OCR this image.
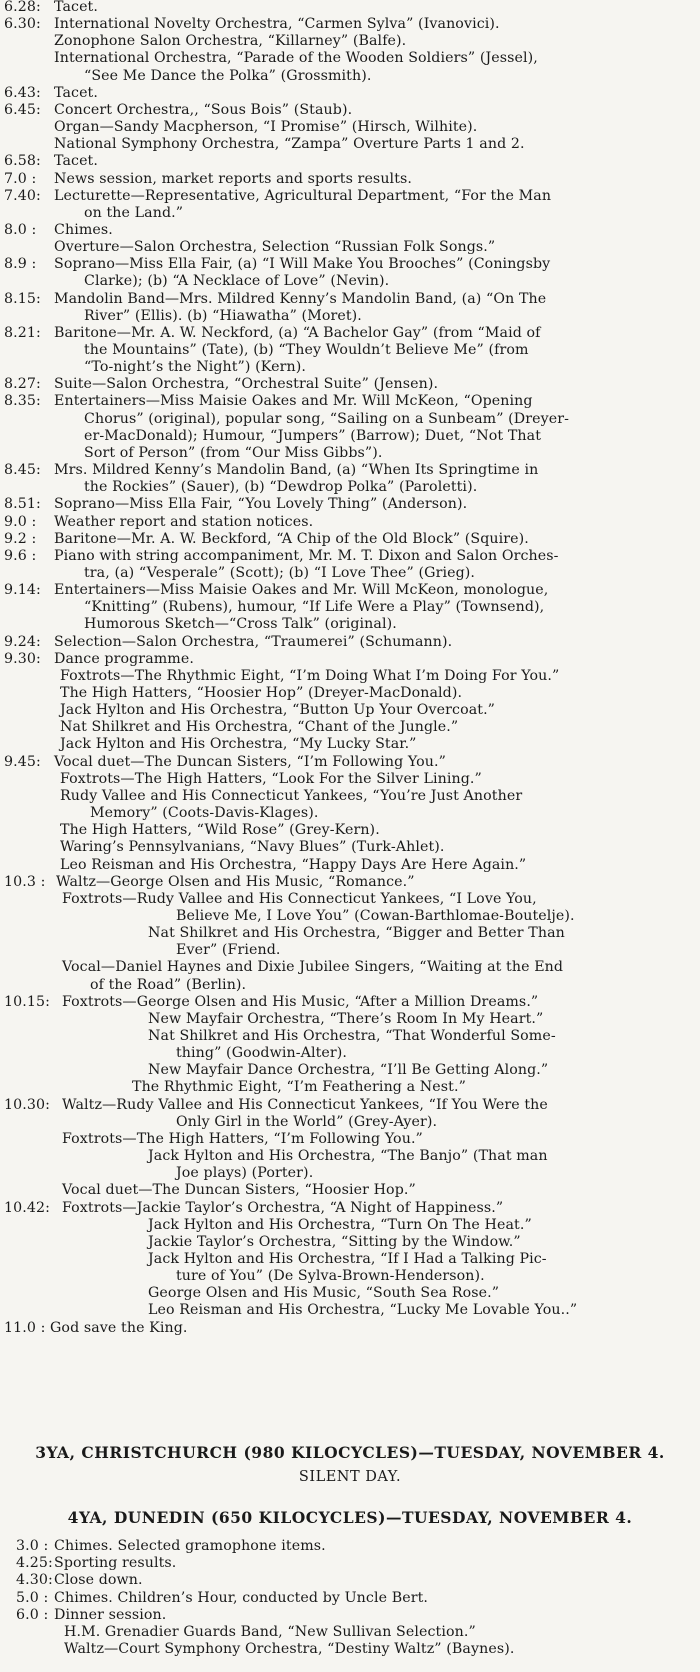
6.28: Tacet.
6.30: International Novelty Orchestra, “Carmen Sylva” (Ivanovici).
Zonophone Salon Orchestra, “Killarney” (Balfe).
International Orchestra, “Parade of the Wooden Soldiers” (Jessel),
“See Me Dance the Polka” (Grossmith).
6.43: Tacet.
6.45: Concert Orchestra,, “Sous Bois” (Staub).
Organ—Sandy Macpherson, “I Promise” (Hirsch, Wilhite).
National Symphony Orchestra, “Zampa” Overture Parts 1 and 2.
6.58: Tacet.
7.0 :	News session, market reports and sports results.
7.40: Lecturette—Representative, Agricultural Department, “For the Man
on the Land.”
8.0 :	Chimes.
Overture—Salon Orchestra, Selection “Russian Folk Songs.”
8.9 :	Soprano—Miss Ella Fair, (a) “I Will Make You Brooches” (Coningsby
Clarke); (b) “A Necklace of Love” (Nevin).
8.15: Mandolin Band—Mrs. Mildred Kenny’s Mandolin Band, (a) “On The
River” (Ellis). (b) “Hiawatha” (Moret).
8.21: Baritone—Mr. A. W. Neckford, (a) “A Bachelor Gay” (from “Maid of
the Mountains” (Tate), (b) “They Wouldn’t Believe Me” (from
“To-night’s the Night”) (Kern).
8.27: Suite—Salon Orchestra, “Orchestral Suite” (Jensen).
8.35: Entertainers—Miss Maisie Oakes and Mr. Will McKeon, “Opening
Chorus” (original), popular song, “Sailing on a Sunbeam” (Dreyer-
er-MacDonald); Humour, “Jumpers” (Barrow); Duet, “Not That
Sort of Person” (from “Our Miss Gibbs”).
8.45: Mrs. Mildred Kenny’s Mandolin Band, (a) “When Its Springtime in
the Rockies” (Sauer), (b) “Dewdrop Polka” (Paroletti).
8.51: Soprano—Miss Ella Fair, “You Lovely Thing” (Anderson).
9.0 :	Weather report and station notices.
9.2 :	Baritone—Mr. A. W. Beckford, “A Chip of the Old Block” (Squire).
9.6 :	Piano with string accompaniment, Mr. M. T. Dixon and Salon Orches-
tra, (a) “Vesperale” (Scott); (b) “I Love Thee” (Grieg).
9.14: Entertainers—Miss Maisie Oakes and Mr. Will McKeon, monologue,
“Knitting” (Rubens), humour, “If Life Were a Play” (Townsend),
Humorous Sketch—“Cross Talk” (original).
9.24: Selection—Salon Orchestra, “Traumerei” (Schumann).
9.30: Dance programme.
Foxtrots—The Rhythmic Eight, “I’m Doing What I’m Doing For You.”
The High Hatters, “Hoosier Hop” (Dreyer-MacDonald).
Jack Hylton and His Orchestra, “Button Up Your Overcoat.”
Nat Shilkret and His Orchestra, “Chant of the Jungle.”
Jack Hylton and His Orchestra, “My Lucky Star.”
9.45: Vocal duet—The Duncan Sisters, “I’m Following You.”
Foxtrots—The High Hatters, “Look For the Silver Lining.”
Rudy Vallee and His Connecticut Yankees, “You’re Just Another
Memory” (Coots-Davis-Klages).
The High Hatters, “Wild Rose” (Grey-Kern).
Waring’s Pennsylvanians, “Navy Blues” (Turk-Ahlet).
Leo Reisman and His Orchestra, “Happy Days Are Here Again.”
10.3 : Waltz—George Olsen and His Music, “Romance.”
Foxtrots—Rudy Vallee and His Connecticut Yankees, “I Love You,
Believe Me, I Love You” (Cowan-Barthlomae-Boutelje).
Nat Shilkret and His Orchestra, “Bigger and Better Than
Ever” (Friend.
Vocal—Daniel Haynes and Dixie Jubilee Singers, “Waiting at the End
of the Road” (Berlin).
10.15: Foxtrots—George Olsen and His Music, “After a Million Dreams.”
New Mayfair Orchestra, “There’s Room In My Heart.”
Nat Shilkret and His Orchestra, “That Wonderful Some-
thing” (Goodwin-Alter).
New Mayfair Dance Orchestra, “I’ll Be Getting Along.”
The Rhythmic Eight, “I’m Feathering a Nest.”
10.30: Waltz—Rudy Vallee and His Connecticut Yankees, “If You Were the
Only Girl in the World” (Grey-Ayer).
Foxtrots—The High Hatters, “I’m Following You.”
Jack Hylton and His Orchestra, “The Banjo” (That man
Joe plays) (Porter).
Vocal duet—The Duncan Sisters, “Hoosier Hop.”
10.42: Foxtrots—Jackie Taylor’s Orchestra, “A Night of Happiness.”
Jack Hylton and His Orchestra, “Turn On The Heat.”
Jackie Taylor’s Orchestra, “Sitting by the Window.”
Jack Hylton and His Orchestra, “If I Had a Talking Pic-
ture of You” (De Sylva-Brown-Henderson).
George Olsen and His Music, “South Sea Rose.”
Leo Reisman and His Orchestra, “Lucky Me Lovable You..”
11.0 : God save the King.
3YA, CHRISTCHURCH (980 KILOCYCLES)—TUESDAY, NOVEMBER 4.
SILENT DAY.
4YA, DUNEDIN (650 KILOCYCLES)—TUESDAY, NOVEMBER 4.
3.0 : Chimes. Selected gramophone items.
4.25: Sporting results.
4.30: Close down.
5.0 : Chimes. Children’s Hour, conducted by Uncle Bert.
6.0 : Dinner session.
H.M. Grenadier Guards Band, “New Sullivan Selection.”
Waltz—Court Symphony Orchestra, “Destiny Waltz” (Baynes).
